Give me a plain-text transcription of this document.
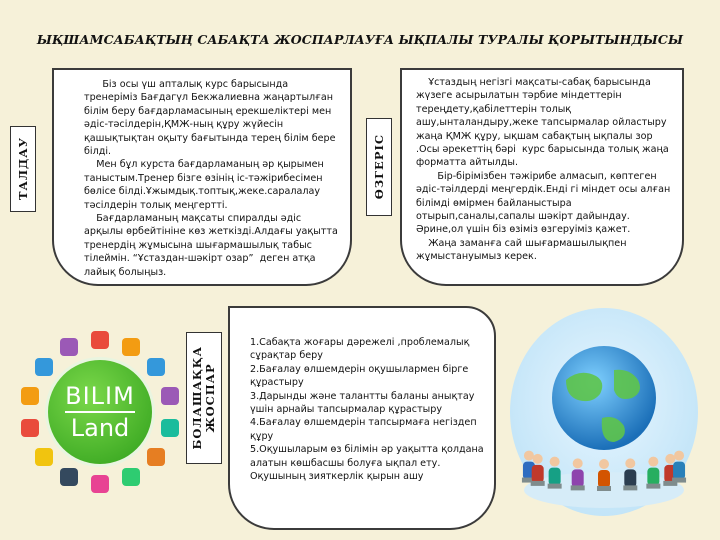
ЫҚШАМСАБАҚТЫҢ САБАҚТА ЖОСПАРЛАУҒА ЫҚПАЛЫ ТУРАЛЫ ҚОРЫТЫНДЫСЫ
ТАЛДАУ

Біз осы үш апталық курс барысында тренеріміз Бағдагүл Бекжалиевна жаңартылған білім беру бағдарламасының ерекшеліктері мен әдіс-тәсілдерін,ҚМЖ-ның құру жүйесін қашықтықтан оқыту бағытында терең білім бере білді.

Мен бұл курста бағдарламаның әр қырымен таныстым.Тренер бізге өзінің іс-тәжірибесімен бөлісе білді.Ұжымдық.топтық,жеке.саралалау тәсілдерін толық меңгертті.

Бағдарламаның мақсаты спиралды әдіс арқылы өрбейтініне көз жеткізді.Алдағы уақытта тренердің жұмысына шығармашылық табыс тілеймін. “Ұстаздан-шәкірт озар”  деген атқа лайық болыңыз.

ӨЗГЕРІС

Ұстаздың негізгі мақсаты-сабақ барысында жүзеге асырылатын тәрбие міндеттерін тереңдету,қабілеттерін толық ашу,ынталандыру,жеке тапсырмалар ойластыру жаңа ҚМЖ құру, ықшам сабақтың ықпалы зор .Осы әрекеттің бәрі  курс барысында толық жаңа форматта айтылды.

Бір-бірімізбен тәжірибе алмасып, көптеген әдіс-тәілдерді меңгердік.Енді гі міндет осы алған білімді өмірмен байланыстыра отырып,саналы,сапалы шәкірт дайындау. Әрине,ол үшін біз өзіміз өзгеруіміз қажет.

Жаңа заманға сай шығармашылықпен жұмыстануымыз керек.

БОЛАШАҚҚА
ЖОСПАР
1.Сабақта жоғары дәрежелі ,проблемалық сұрақтар беру
2.Бағалау өлшемдерін оқушылармен бірге құрастыру
3.Дарынды және талантты баланы анықтау үшін арнайы тапсырмалар құрастыру
4.Бағалау өлшемдерін тапсырмаға негіздеп құру
5.Оқушыларым өз білімін әр уақытта қолдана алатын көшбасшы болуға ықпал ету.
Оқушының зияткерлік қырын ашу
BILIM
Land
